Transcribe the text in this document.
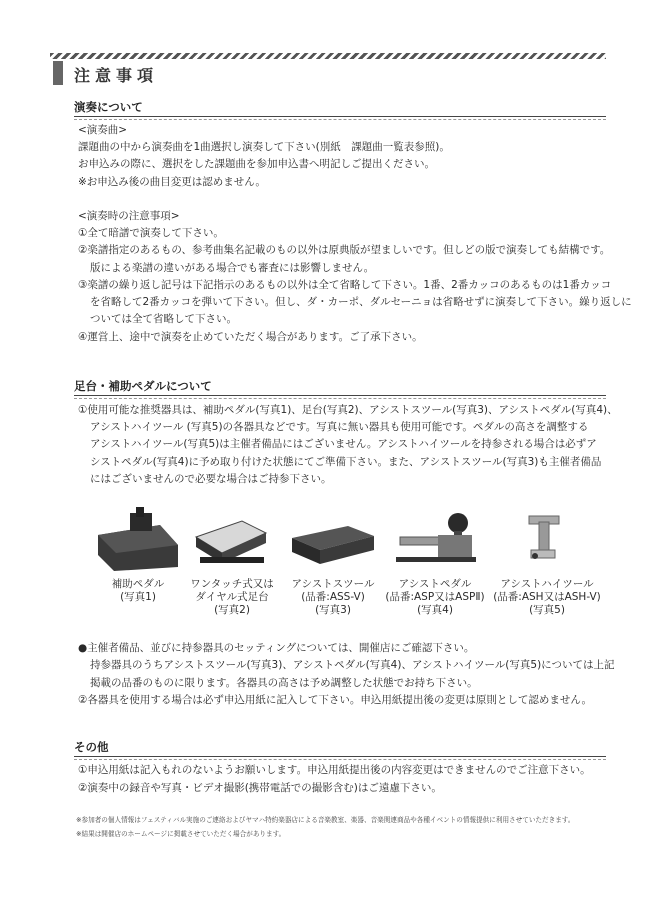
注意事項
演奏について
<演奏曲>
課題曲の中から演奏曲を1曲選択し演奏して下さい(別紙　課題曲一覧表参照)。
お申込みの際に、選択をした課題曲を参加申込書へ明記しご提出ください。
※お申込み後の曲目変更は認めません。
<演奏時の注意事項>
①全て暗譜で演奏して下さい。
②楽譜指定のあるもの、参考曲集名記載のもの以外は原典版が望ましいです。但しどの版で演奏しても結構です。
版による楽譜の違いがある場合でも審査には影響しません。
③楽譜の繰り返し記号は下記指示のあるもの以外は全て省略して下さい。1番、2番カッコのあるものは1番カッコ
を省略して2番カッコを弾いて下さい。但し、ダ・カーポ、ダルセーニョは省略せずに演奏して下さい。繰り返しに
ついては全て省略して下さい。
④運営上、途中で演奏を止めていただく場合があります。ご了承下さい。
足台・補助ペダルについて
①使用可能な推奨器具は、補助ペダル(写真1)、足台(写真2)、アシストスツール(写真3)、アシストペダル(写真4)、
アシストハイツール (写真5)の各器具などです。写真に無い器具も使用可能です。ペダルの高さを調整する
アシストハイツール(写真5)は主催者備品にはございません。アシストハイツールを持参される場合は必ずア
シストペダル(写真4)に予め取り付けた状態にてご準備下さい。また、アシストスツール(写真3)も主催者備品
にはございませんので必要な場合はご持参下さい。
補助ペダル
(写真1)
ワンタッチ式又は
ダイヤル式足台
(写真2)
アシストスツール
(品番:ASS-V)
(写真3)
アシストペダル
(品番:ASP又はASPⅡ)
(写真4)
アシストハイツール
(品番:ASH又はASH-V)
(写真5)
●主催者備品、並びに持参器具のセッティングについては、開催店にご確認下さい。
持参器具のうちアシストスツール(写真3)、アシストペダル(写真4)、アシストハイツール(写真5)については上記
掲載の品番のものに限ります。各器具の高さは予め調整した状態でお持ち下さい。
②各器具を使用する場合は必ず申込用紙に記入して下さい。申込用紙提出後の変更は原則として認めません。
その他
①申込用紙は記入もれのないようお願いします。申込用紙提出後の内容変更はできませんのでご注意下さい。
②演奏中の録音や写真・ビデオ撮影(携帯電話での撮影含む)はご遠慮下さい。
※参加者の個人情報はフェスティバル実施のご連絡およびヤマハ特約楽器店による音楽教室、楽器、音楽関連商品や各種イベントの情報提供に利用させていただきます。
※結果は開催店のホームページに掲載させていただく場合があります。
